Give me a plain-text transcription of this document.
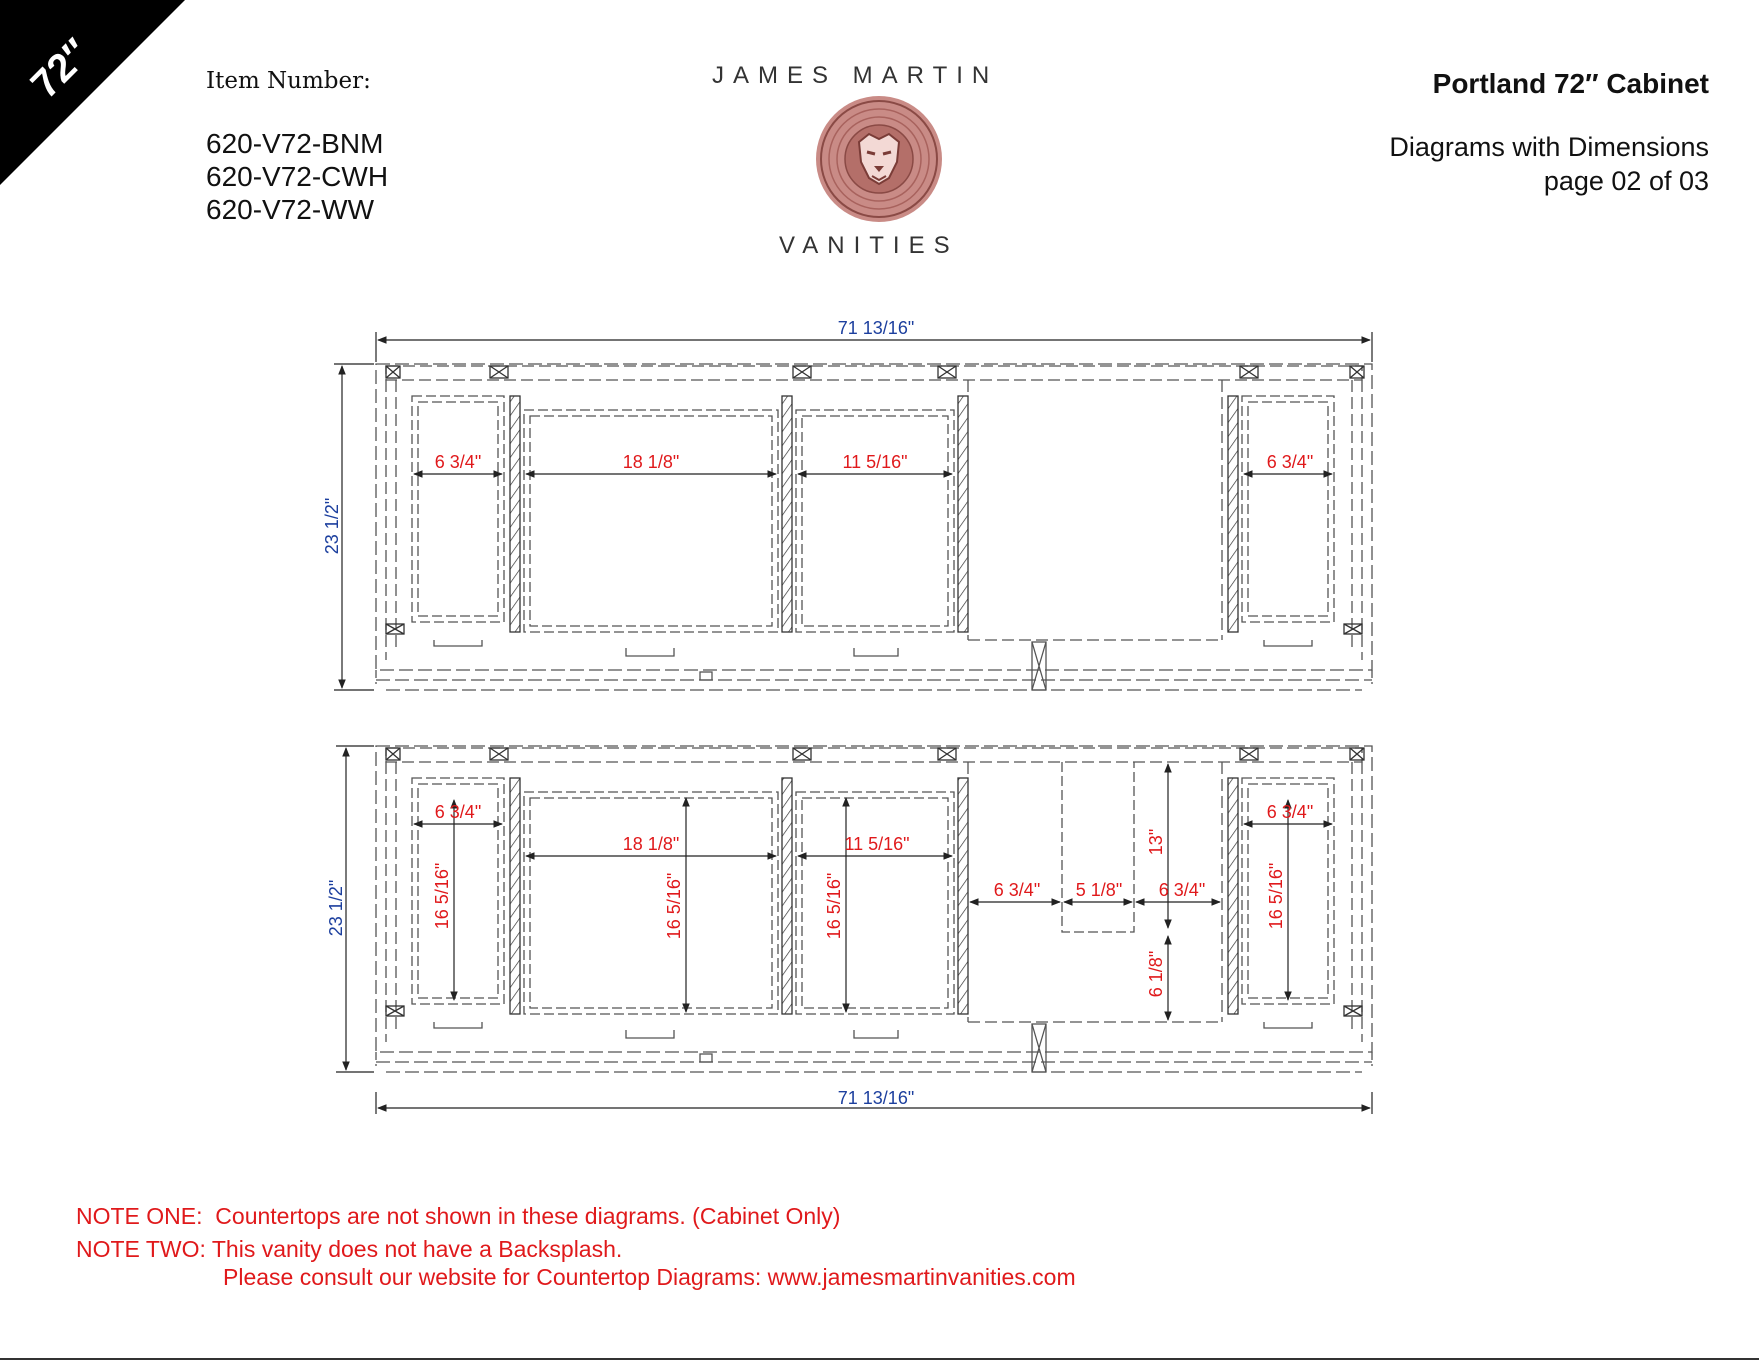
72″	Item Number:
620-V72-BNM
620-V72-CWH
620-V72-WW
JAMES MARTIN
VANITIES
Portland 72″ Cabinet
Diagrams with Dimensions
page 02 of 03
71 13/16"
23 1/2"
6 3/4"	18 1/8"	11 5/16"	6 3/4"
23 1/2"
71 13/16"
6 3/4"
16 5/16"
18 1/8"
16 5/16"
11 5/16"
16 5/16"
6 3/4"
16 5/16"
6 3/4" 5 1/8" 6 3/4"
13"
6 1/8"
NOTE ONE:  Countertops are not shown in these diagrams. (Cabinet Only)
NOTE TWO: This vanity does not have a Backsplash.
Please consult our website for Countertop Diagrams: www.jamesmartinvanities.com
